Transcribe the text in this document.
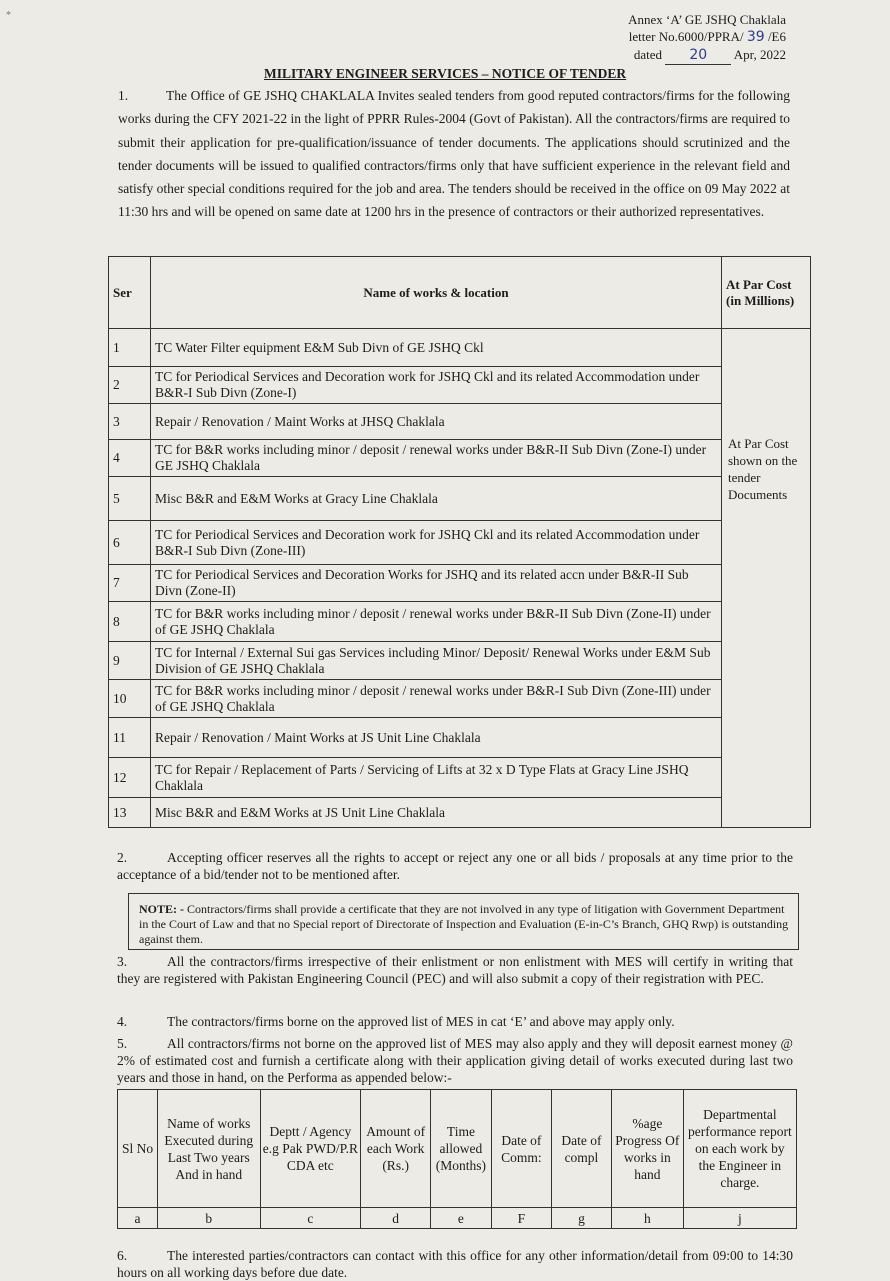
*	Annex ‘A’ GE JSHQ Chaklala
letter No.6000/PPRA/ 39 /E6
dated 20 Apr, 2022
MILITARY ENGINEER SERVICES – NOTICE OF TENDER
1.	The Office of GE JSHQ CHAKLALA Invites sealed tenders from good reputed contractors/firms for the following works during the CFY 2021-22 in the light of PPRR Rules-2004 (Govt of Pakistan). All the contractors/firms are required to submit their application for pre-qualification/issuance of tender documents. The applications should scrutinized and the tender documents will be issued to qualified contractors/firms only that have sufficient experience in the relevant field and satisfy other special conditions required for the job and area. The tenders should be received in the office on 09 May 2022 at 11:30 hrs and will be opened on same date at 1200 hrs in the presence of contractors or their authorized representatives.
Ser	Name of works & location	At Par Cost (in Millions)
1	TC Water Filter equipment E&M Sub Divn of GE JSHQ Ckl	At Par Cost shown on the tender Documents
2	TC for Periodical Services and Decoration work for JSHQ Ckl and its related Accommodation under B&R-I Sub Divn (Zone-I)	
3	Repair / Renovation / Maint Works at JHSQ Chaklala	
4	TC for B&R works including minor / deposit / renewal works under B&R-II Sub Divn (Zone-I) under GE JSHQ Chaklala	
5	Misc B&R and E&M Works at Gracy Line Chaklala	
6	TC for Periodical Services and Decoration work for JSHQ Ckl and its related Accommodation under B&R-I Sub Divn (Zone-III)	
7	TC for Periodical Services and Decoration Works for JSHQ and its related accn under B&R-II Sub Divn (Zone-II)	
8	TC for B&R works including minor / deposit / renewal works under B&R-II Sub Divn (Zone-II) under of GE JSHQ Chaklala	
9	TC for Internal / External Sui gas Services including Minor/ Deposit/ Renewal Works under E&M Sub Division of GE JSHQ Chaklala	
10	TC for B&R works including minor / deposit / renewal works under B&R-I Sub Divn (Zone-III) under of GE JSHQ Chaklala	
11	Repair / Renovation / Maint Works at JS Unit Line Chaklala	
12	TC for Repair / Replacement of Parts / Servicing of Lifts at 32 x D Type Flats at Gracy Line JSHQ Chaklala	
13	Misc B&R and E&M Works at JS Unit Line Chaklala	
2.	Accepting officer reserves all the rights to accept or reject any one or all bids / proposals at any time prior to the acceptance of a bid/tender not to be mentioned after.
NOTE: - Contractors/firms shall provide a certificate that they are not involved in any type of litigation with Government Department in the Court of Law and that no Special report of Directorate of Inspection and Evaluation (E-in-C’s Branch, GHQ Rwp) is outstanding against them.
3.	All the contractors/firms irrespective of their enlistment or non enlistment with MES will certify in writing that they are registered with Pakistan Engineering Council (PEC) and will also submit a copy of their registration with PEC.
4.	The contractors/firms borne on the approved list of MES in cat ‘E’ and above may apply only.
5.	All contractors/firms not borne on the approved list of MES may also apply and they will deposit earnest money @ 2% of estimated cost and furnish a certificate along with their application giving detail of works executed during last two years and those in hand, on the Performa as appended below:-
Sl No	Name of works Executed during Last Two years And in hand	Deptt / Agency e.g Pak PWD/P.R CDA etc	Amount of each Work (Rs.)	Time allowed (Months)	Date of Comm:	Date of compl	%age Progress Of works in hand	Departmental performance report on each work by the Engineer in charge.
a	b	c	d	e	F	g	h	j
6.	The interested parties/contractors can contact with this office for any other information/detail from 09:00 to 14:30 hours on all working days before due date.
